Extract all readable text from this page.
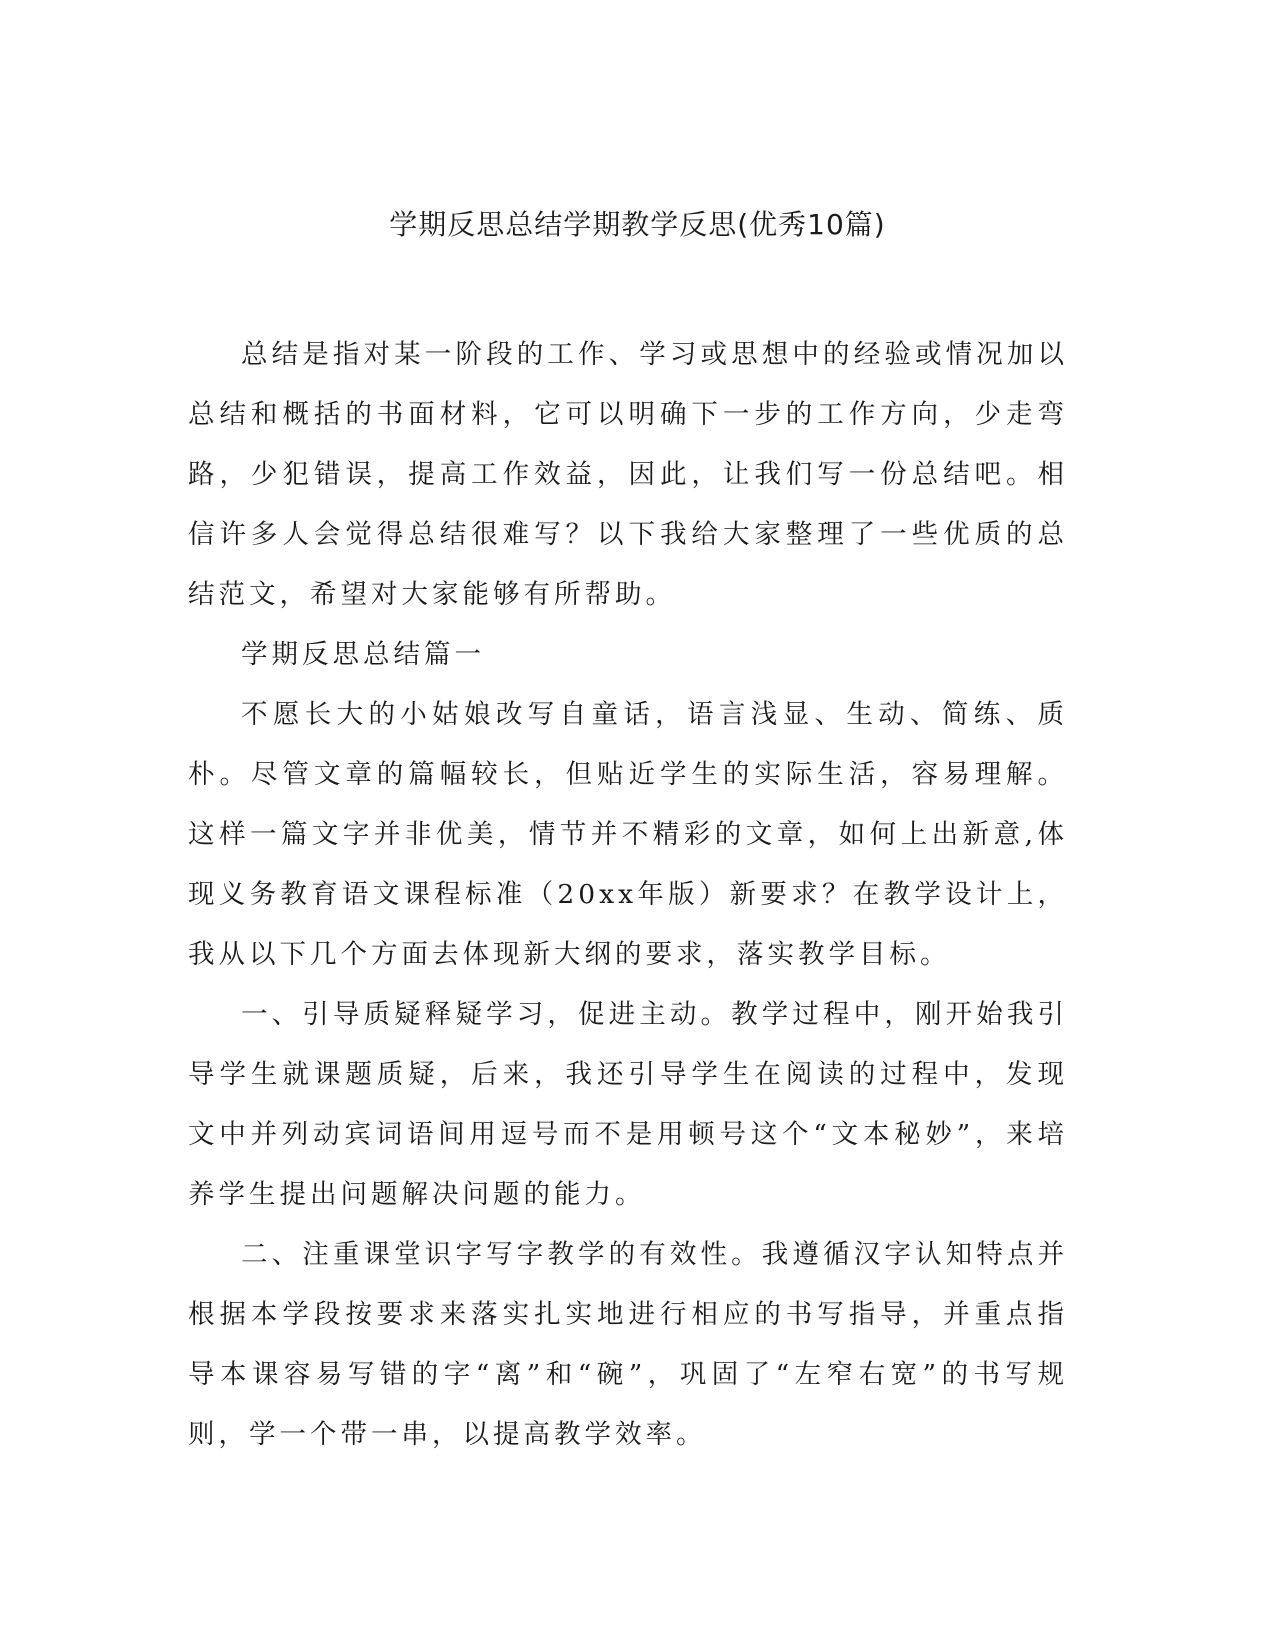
学期反思总结学期教学反思(优秀10篇)

总结是指对某一阶段的工作、学习或思想中的经验或情况加以总结和概括的书面材料，它可以明确下一步的工作方向，少走弯路，少犯错误，提高工作效益，因此，让我们写一份总结吧。相信许多人会觉得总结很难写？以下我给大家整理了一些优质的总结范文，希望对大家能够有所帮助。

学期反思总结篇一

不愿长大的小姑娘改写自童话，语言浅显、生动、简练、质朴。尽管文章的篇幅较长，但贴近学生的实际生活，容易理解。这样一篇文字并非优美，情节并不精彩的文章，如何上出新意,体现义务教育语文课程标准（20xx年版）新要求？在教学设计上，我从以下几个方面去体现新大纲的要求，落实教学目标。

一、引导质疑释疑学习，促进主动。教学过程中，刚开始我引导学生就课题质疑，后来，我还引导学生在阅读的过程中，发现文中并列动宾词语间用逗号而不是用顿号这个“文本秘妙”，来培养学生提出问题解决问题的能力。

二、注重课堂识字写字教学的有效性。我遵循汉字认知特点并根据本学段按要求来落实扎实地进行相应的书写指导，并重点指导本课容易写错的字“离”和“碗”，巩固了“左窄右宽”的书写规则，学一个带一串，以提高教学效率。
